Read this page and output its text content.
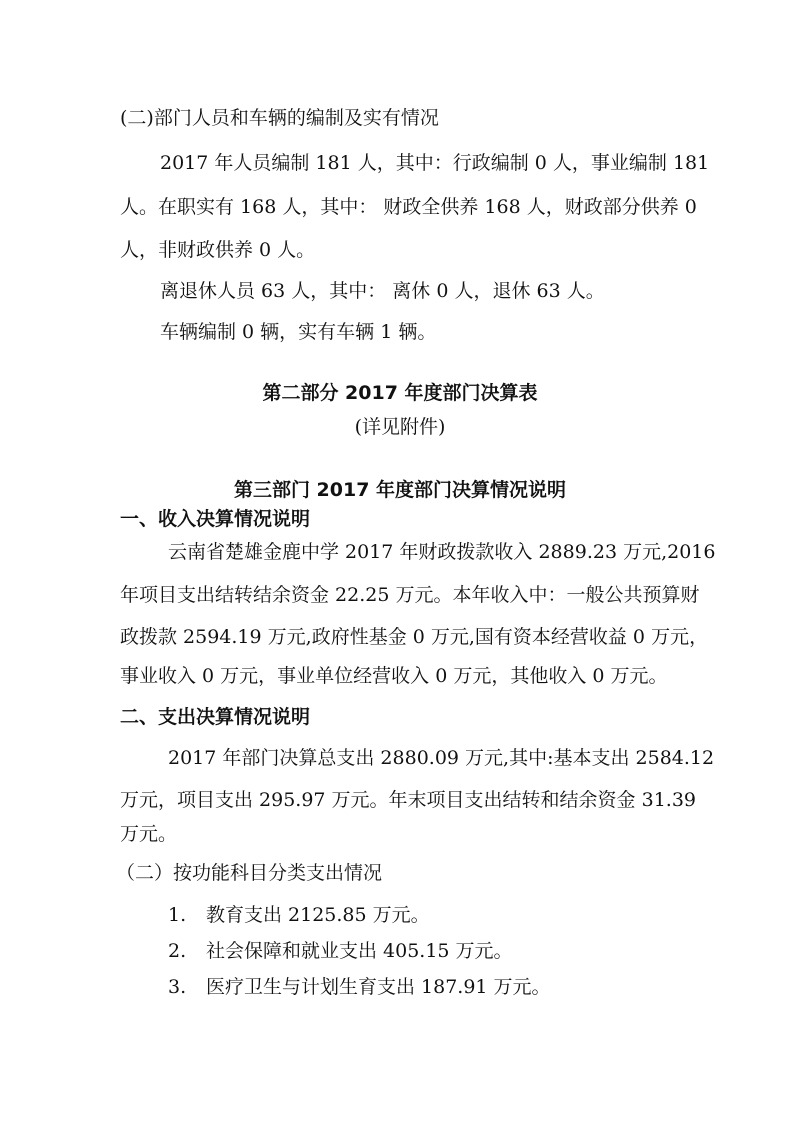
(二)部门人员和车辆的编制及实有情况
2017 年人员编制 181 人，其中：行政编制 0 人，事业编制 181
人。在职实有 168 人，其中： 财政全供养 168 人，财政部分供养 0
人，非财政供养 0 人。
离退休人员 63 人，其中： 离休 0 人，退休 63 人。
车辆编制 0 辆，实有车辆 1 辆。
第二部分 2017 年度部门决算表
(详见附件)
第三部门 2017 年度部门决算情况说明
一、收入决算情况说明
云南省楚雄金鹿中学 2017 年财政拨款收入 2889.23 万元,2016
年项目支出结转结余资金 22.25 万元。本年收入中：一般公共预算财
政拨款 2594.19 万元,政府性基金 0 万元,国有资本经营收益 0 万元，
事业收入 0 万元，事业单位经营收入 0 万元，其他收入 0 万元。
二、支出决算情况说明
2017 年部门决算总支出 2880.09 万元,其中:基本支出 2584.12
万元，项目支出 295.97 万元。年末项目支出结转和结余资金 31.39
万元。
（二）按功能科目分类支出情况
1. 教育支出 2125.85 万元。
2. 社会保障和就业支出 405.15 万元。
3. 医疗卫生与计划生育支出 187.91 万元。
